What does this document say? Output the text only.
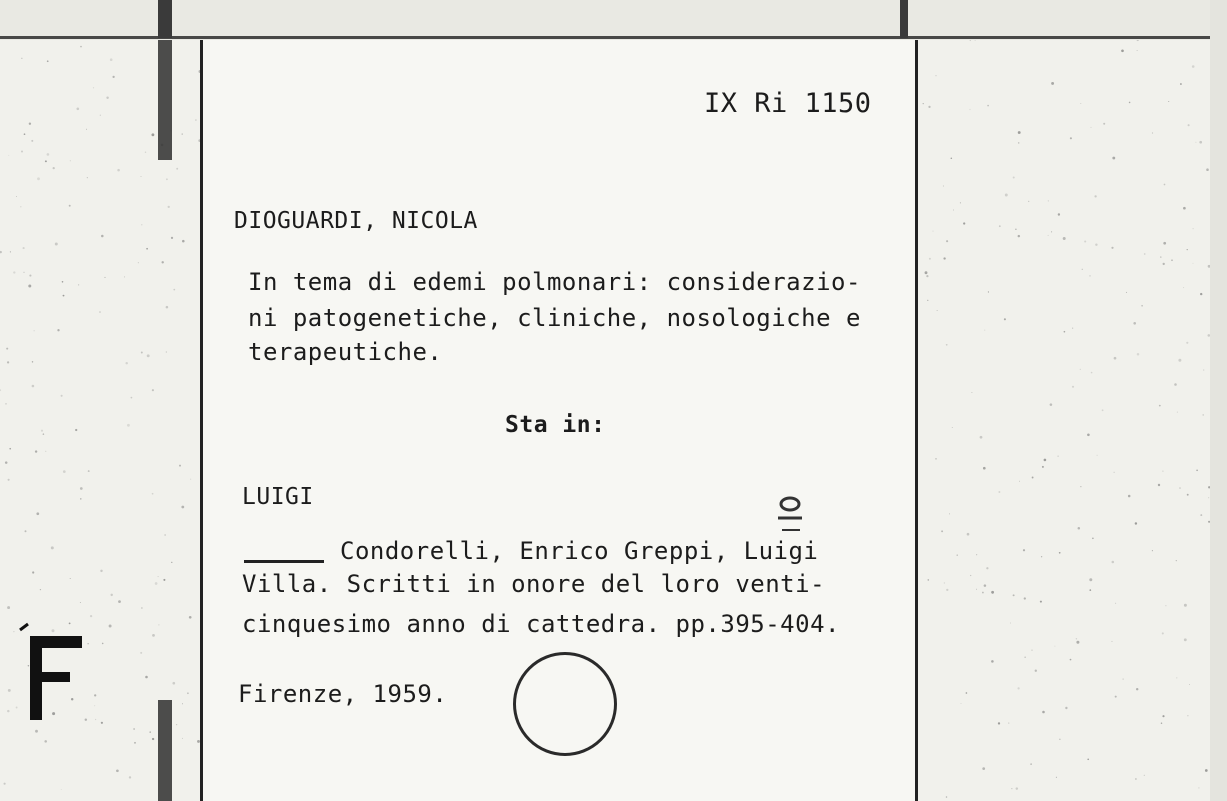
IX Ri 1150
DIOGUARDI, NICOLA
In tema di edemi polmonari: considerazio-
ni patogenetiche, cliniche, nosologiche e
terapeutiche.
Sta in:
LUIGI
Condorelli, Enrico Greppi, Luigi
Villa. Scritti in onore del loro venti-
cinquesimo anno di cattedra. pp.395-404.
Firenze, 1959.
